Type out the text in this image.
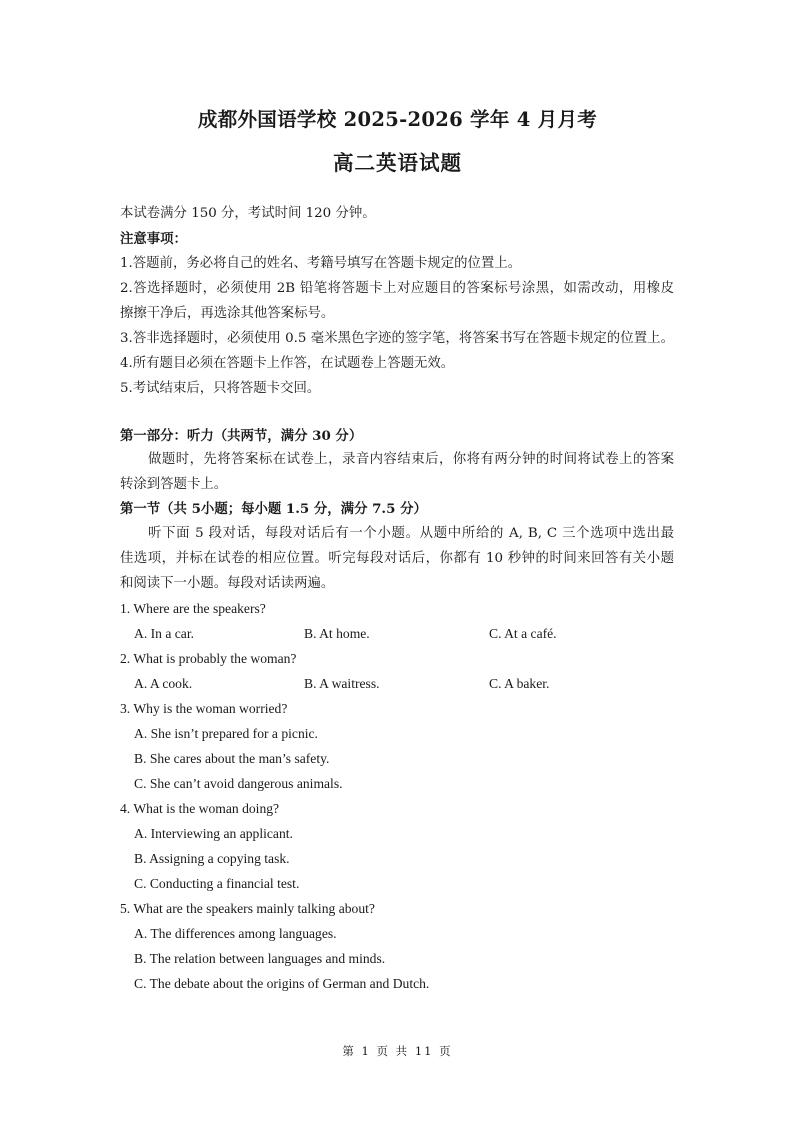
成都外国语学校 2025-2026 学年 4 月月考
高二英语试题
本试卷满分 150 分，考试时间 120 分钟。
注意事项：
1.答题前，务必将自己的姓名、考籍号填写在答题卡规定的位置上。
2.答选择题时，必须使用 2B 铅笔将答题卡上对应题目的答案标号涂黑，如需改动，用橡皮
擦擦干净后，再选涂其他答案标号。
3.答非选择题时，必须使用 0.5 毫米黑色字迹的签字笔，将答案书写在答题卡规定的位置上。
4.所有题目必须在答题卡上作答，在试题卷上答题无效。
5.考试结束后，只将答题卡交回。
第一部分：听力（共两节，满分 30 分）
做题时，先将答案标在试卷上，录音内容结束后，你将有两分钟的时间将试卷上的答案
转涂到答题卡上。
第一节（共 5小题；每小题 1.5 分，满分 7.5 分）
听下面 5 段对话，每段对话后有一个小题。从题中所给的 A, B, C 三个选项中选出最
佳选项，并标在试卷的相应位置。听完每段对话后，你都有 10 秒钟的时间来回答有关小题
和阅读下一小题。每段对话读两遍。
1. Where are the speakers?
A. In a car.	B. At home.	C. At a café.
2. What is probably the woman?
A. A cook.	B. A waitress.	C. A baker.
3. Why is the woman worried?
A. She isn’t prepared for a picnic.
B. She cares about the man’s safety.
C. She can’t avoid dangerous animals.
4. What is the woman doing?
A. Interviewing an applicant.
B. Assigning a copying task.
C. Conducting a financial test.
5. What are the speakers mainly talking about?
A. The differences among languages.
B. The relation between languages and minds.
C. The debate about the origins of German and Dutch.
第 1 页 共 11 页
